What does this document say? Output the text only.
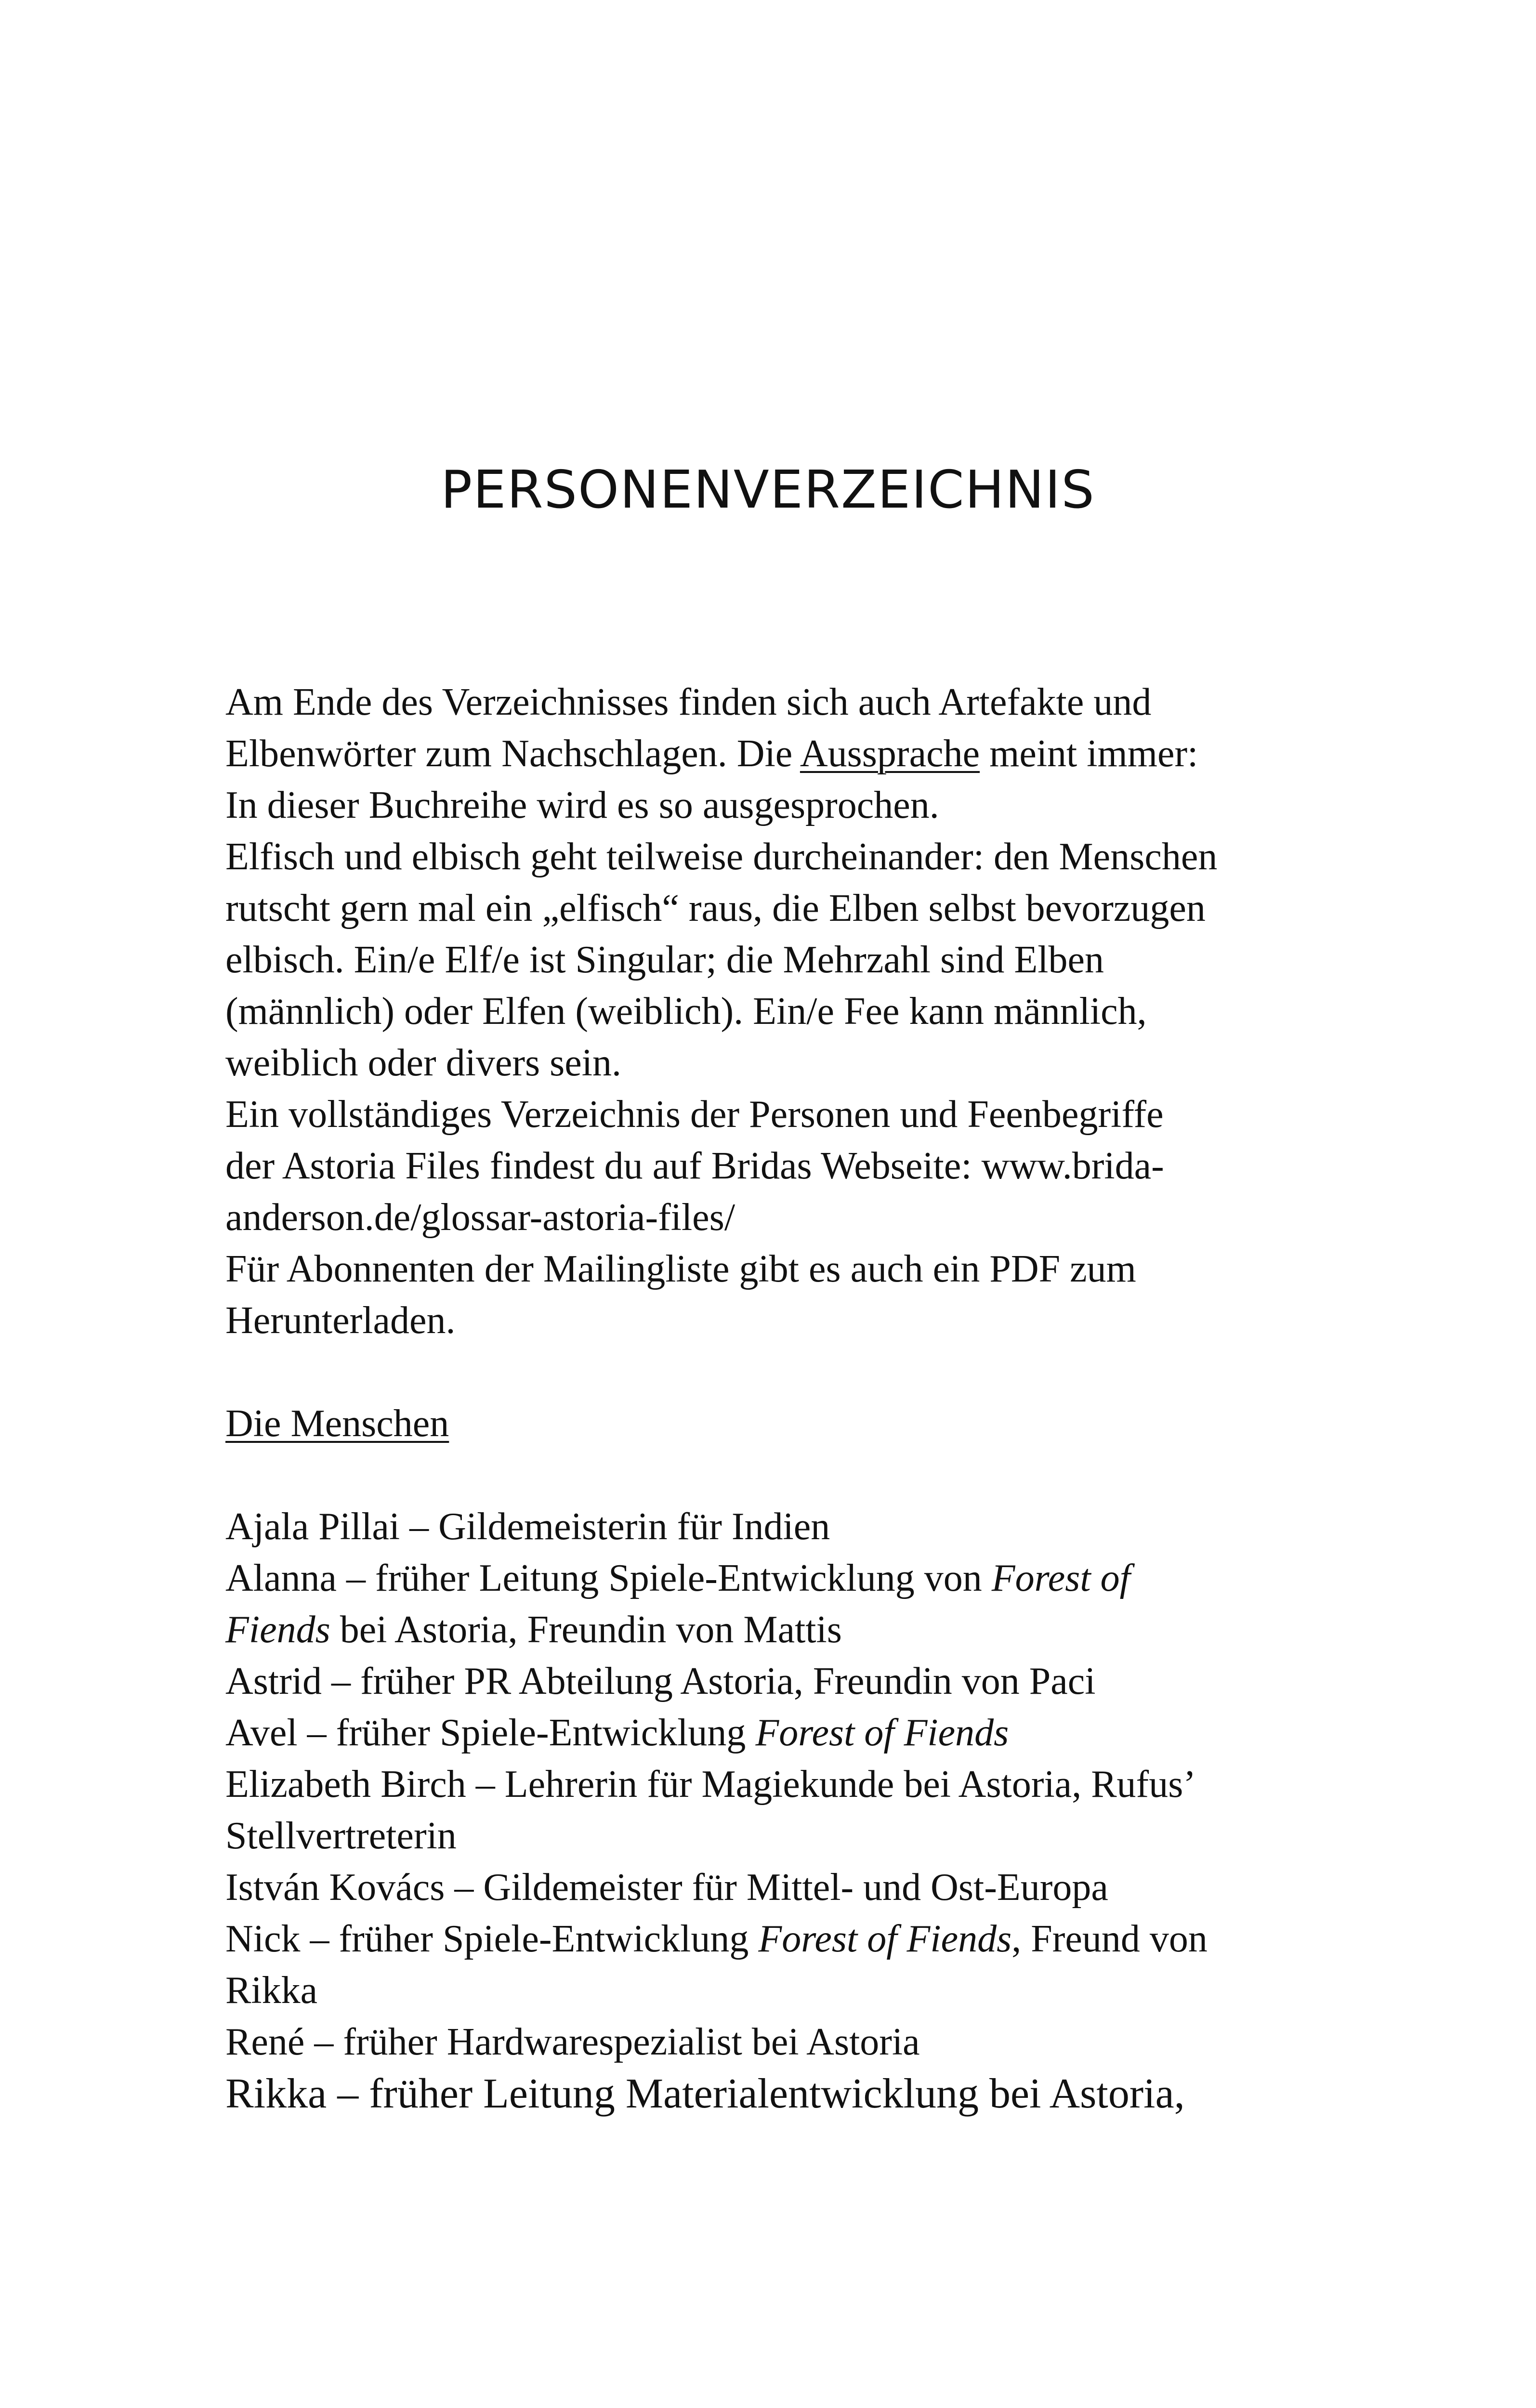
PERSONENVERZEICHNIS
Am Ende des Verzeichnisses finden sich auch Artefakte und
Elbenwörter zum Nachschlagen. Die Aussprache meint immer:
In dieser Buchreihe wird es so ausgesprochen.
Elfisch und elbisch geht teilweise durcheinander: den Menschen
rutscht gern mal ein „elfisch“ raus, die Elben selbst bevorzugen
elbisch. Ein/e Elf/e ist Singular; die Mehrzahl sind Elben
(männlich) oder Elfen (weiblich). Ein/e Fee kann männlich,
weiblich oder divers sein.
Ein vollständiges Verzeichnis der Personen und Feenbegriffe
der Astoria Files findest du auf Bridas Webseite: www.brida-
anderson.de/glossar-astoria-files/
Für Abonnenten der Mailingliste gibt es auch ein PDF zum
Herunterladen.
Die Menschen
Ajala Pillai – Gildemeisterin für Indien
Alanna – früher Leitung Spiele-Entwicklung von Forest of
Fiends bei Astoria, Freundin von Mattis
Astrid – früher PR Abteilung Astoria, Freundin von Paci
Avel – früher Spiele-Entwicklung Forest of Fiends
Elizabeth Birch – Lehrerin für Magiekunde bei Astoria, Rufus’
Stellvertreterin
István Kovács – Gildemeister für Mittel- und Ost-Europa
Nick – früher Spiele-Entwicklung Forest of Fiends, Freund von
Rikka
René – früher Hardwarespezialist bei Astoria
Rikka – früher Leitung Materialentwicklung bei Astoria,
